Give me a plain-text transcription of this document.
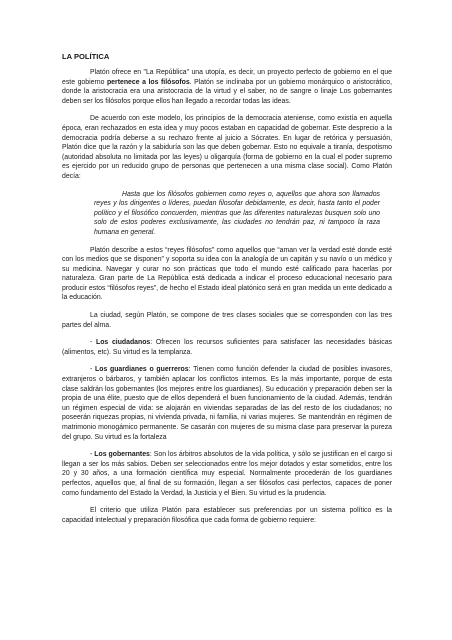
LA POLÍTICA

Platón ofrece en "La República" una utopía, es decir, un proyecto perfecto de gobierno en el que este gobierno pertenece a los filósofos. Platón se inclinaba por un gobierno monárquico o aristocrático, donde la aristocracia era una aristocracia de la virtud y el saber, no de sangre o linaje Los gobernantes deben ser los filósofos porque ellos han llegado a recordar todas las ideas.

De acuerdo con este modelo, los principios de la democracia ateniense, como existía en aquella época, eran rechazados en esta idea y muy pocos estaban en capacidad de gobernar. Este desprecio a la democracia podría deberse a su rechazo frente al juicio a Sócrates. En lugar de retórica y persuasión, Platón dice que la razón y la sabiduría son las que deben gobernar. Esto no equivale a tiranía, despotismo (autoridad absoluta no limitada por las leyes) u oligarquía (forma de gobierno en la cual el poder supremo es ejercido por un reducido grupo de personas que pertenecen a una misma clase social). Como Platón decía:

Hasta que los filósofos gobiernen como reyes o, aquellos que ahora son llamados reyes y los dirigentes o líderes, puedan filosofar debidamente, es decir, hasta tanto el poder político y el filosófico concuerden, mientras que las diferentes naturalezas busquen solo uno solo de estos poderes exclusivamente, las ciudades no tendrán paz, ni tampoco la raza humana en general.

Platón describe a estos “reyes filósofos” como aquellos que “aman ver la verdad esté donde esté con los medios que se disponen” y soporta su idea con la analogía de un capitán y su navío o un médico y su medicina. Navegar y curar no son prácticas que todo el mundo esté calificado para hacerlas por naturaleza. Gran parte de La República está dedicada a indicar el proceso educacional necesario para producir estos “filósofos reyes”, de hecho el Estado ideal platónico será en gran medida un ente dedicado a la educación.

La ciudad, según Platón, se compone de tres clases sociales que se corresponden con las tres partes del alma.

- Los ciudadanos: Ofrecen los recursos suficientes para satisfacer las necesidades básicas (alimentos, etc). Su virtud es la templanza.

- Los guardianes o guerreros: Tienen como función defender la ciudad de posibles invasores, extranjeros o bárbaros, y también aplacar los conflictos internos. Es la más importante, porque de esta clase saldrán los gobernantes (los mejores entre los guardianes). Su educación y preparación deben ser la propia de una élite, puesto que de ellos dependerá el buen funcionamiento de la ciudad. Además, tendrán un régimen especial de vida: se alojarán en viviendas separadas de las del resto de los ciudadanos; no poseerán riquezas propias, ni vivienda privada, ni familia, ni varias mujeres. Se mantendrán en régimen de matrimonio monogámico permanente. Se casarán con mujeres de su misma clase para preservar la pureza del grupo. Su virtud es la fortaleza

- Los gobernantes: Son los árbitros absolutos de la vida política, y sólo se justifican en el cargo si llegan a ser los más sabios. Deben ser seleccionados entre los mejor dotados y estar sometidos, entre los 20 y 30 años, a una formación científica muy especial. Normalmente procederán de los guardianes perfectos, aquellos que, al final de su formación, llegan a ser filósofos casi perfectos, capaces de poner como fundamento del Estado la Verdad, la Justicia y el Bien. Su virtud es la prudencia.

El criterio que utiliza Platón para establecer sus preferencias por un sistema político es la capacidad intelectual y preparación filosófica que cada forma de gobierno requiere:
